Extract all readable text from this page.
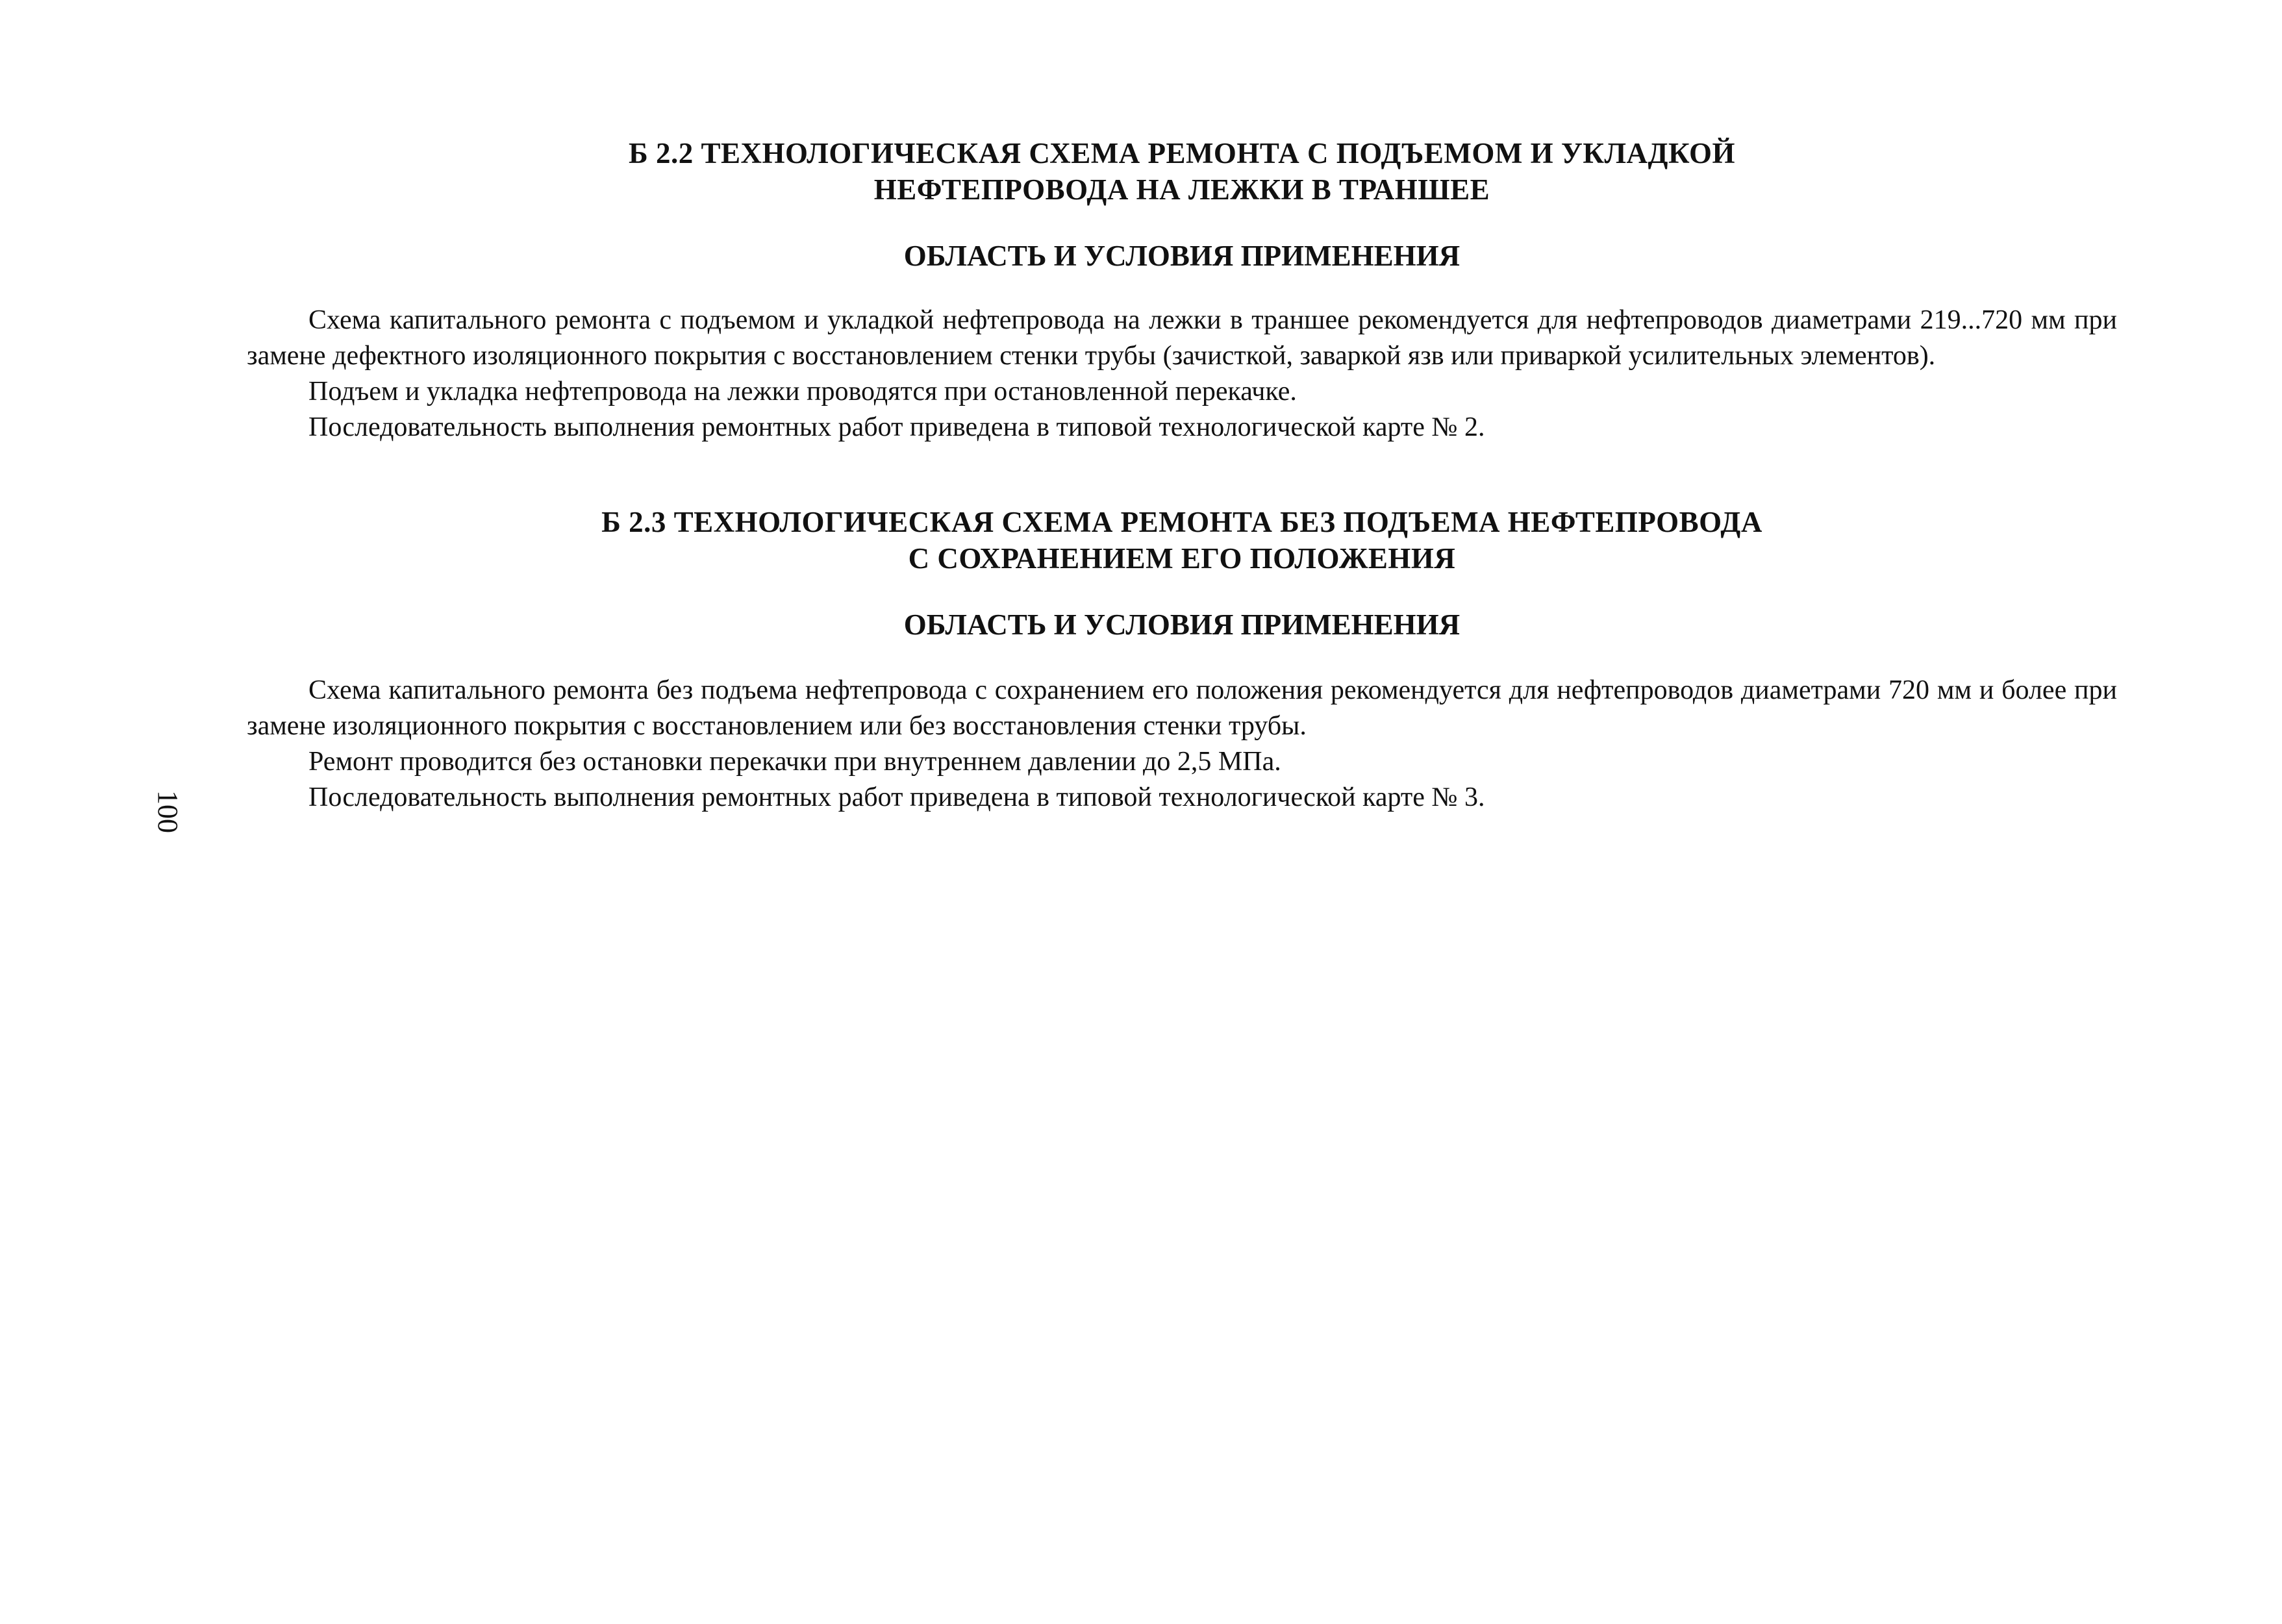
100
Б 2.2 ТЕХНОЛОГИЧЕСКАЯ СХЕМА РЕМОНТА С ПОДЪЕМОМ И УКЛАДКОЙ
НЕФТЕПРОВОДА НА ЛЕЖКИ В ТРАНШЕЕ
ОБЛАСТЬ И УСЛОВИЯ ПРИМЕНЕНИЯ

Схема капитального ремонта с подъемом и укладкой нефтепровода на лежки в траншее рекомендуется для нефтепроводов диаметрами 219...720 мм при замене дефектного изоляционного покрытия с восстановлением стенки трубы (зачисткой, заваркой язв или приваркой усилительных элементов).

Подъем и укладка нефтепровода на лежки проводятся при остановленной перекачке.

Последовательность выполнения ремонтных работ приведена в типовой технологической карте № 2.

Б 2.3 ТЕХНОЛОГИЧЕСКАЯ СХЕМА РЕМОНТА БЕЗ ПОДЪЕМА НЕФТЕПРОВОДА
С СОХРАНЕНИЕМ ЕГО ПОЛОЖЕНИЯ
ОБЛАСТЬ И УСЛОВИЯ ПРИМЕНЕНИЯ

Схема капитального ремонта без подъема нефтепровода с сохранением его положения рекомендуется для нефтепроводов диаметрами 720 мм и более при замене изоляционного покрытия с восстановлением или без восстановления стенки трубы.

Ремонт проводится без остановки перекачки при внутреннем давлении до 2,5 МПа.

Последовательность выполнения ремонтных работ приведена в типовой технологической карте № 3.
